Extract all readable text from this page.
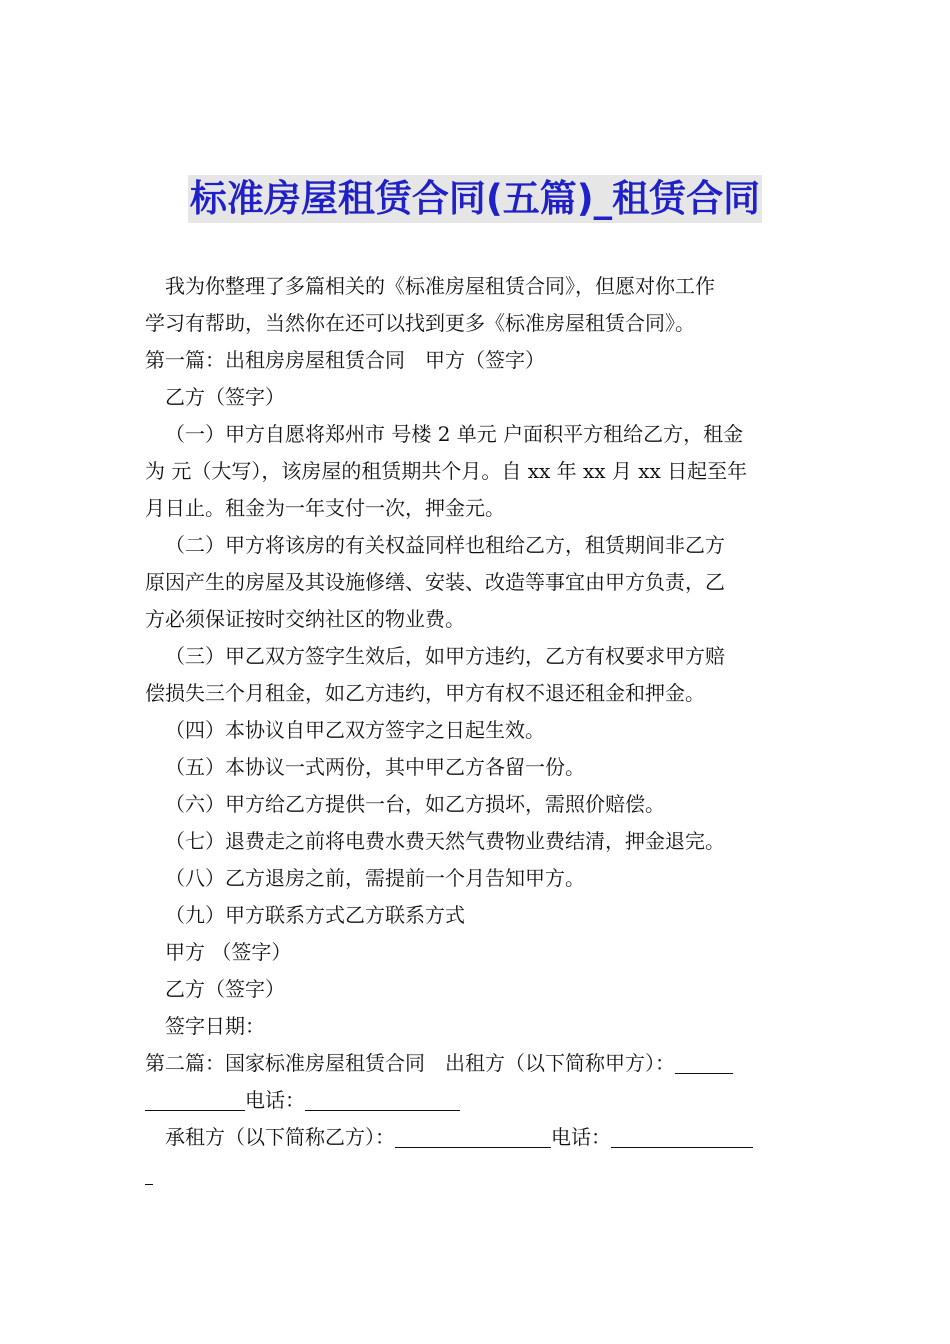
标准房屋租赁合同(五篇)_租赁合同
我为你整理了多篇相关的《标准房屋租赁合同》，但愿对你工作
学习有帮助，当然你在还可以找到更多《标准房屋租赁合同》。
第一篇：出租房房屋租赁合同　甲方（签字）
乙方（签字）
（一）甲方自愿将郑州市 号楼 2 单元 户面积平方租给乙方，租金
为 元（大写），该房屋的租赁期共个月。自 xx 年 xx 月 xx 日起至年
月日止。租金为一年支付一次，押金元。
（二）甲方将该房的有关权益同样也租给乙方，租赁期间非乙方
原因产生的房屋及其设施修缮、安装、改造等事宜由甲方负责，乙
方必须保证按时交纳社区的物业费。
（三）甲乙双方签字生效后，如甲方违约，乙方有权要求甲方赔
偿损失三个月租金，如乙方违约，甲方有权不退还租金和押金。
（四）本协议自甲乙双方签字之日起生效。
（五）本协议一式两份，其中甲乙方各留一份。
（六）甲方给乙方提供一台，如乙方损坏，需照价赔偿。
（七）退费走之前将电费水费天然气费物业费结清，押金退完。
（八）乙方退房之前，需提前一个月告知甲方。
（九）甲方联系方式乙方联系方式
甲方 （签字）
乙方（签字）
签字日期：
第二篇：国家标准房屋租赁合同　出租方（以下简称甲方）：
电话：
承租方（以下简称乙方）：	电话：
